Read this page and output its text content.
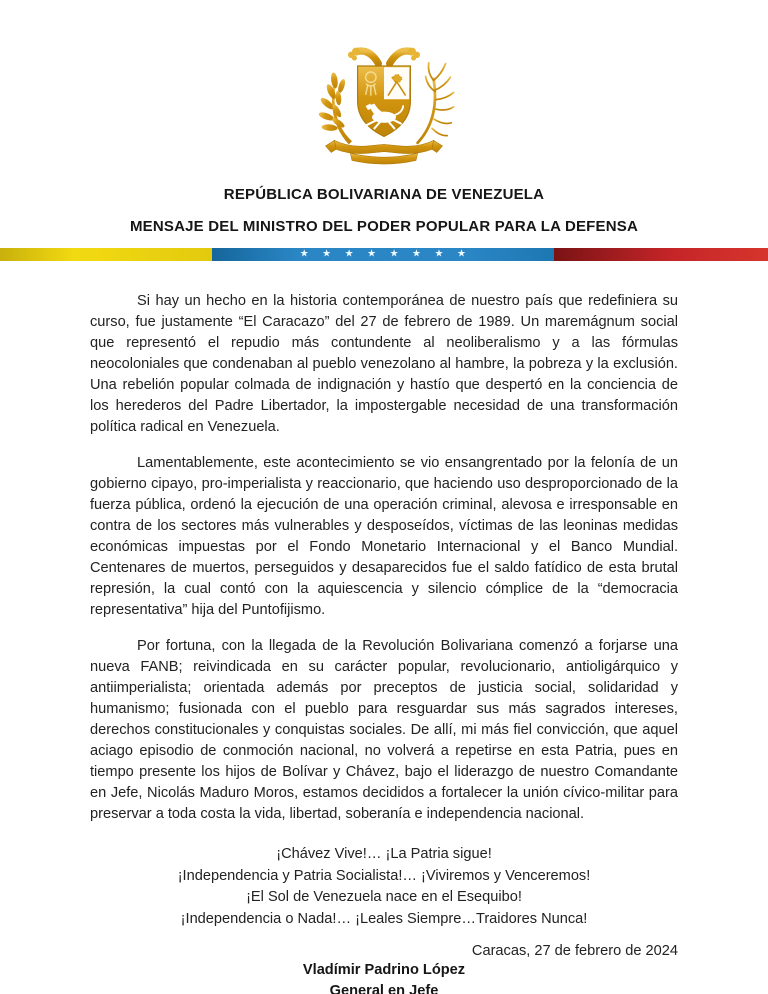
REPÚBLICA BOLIVARIANA DE VENEZUELA
MENSAJE DEL MINISTRO DEL PODER POPULAR PARA LA DEFENSA
★ ★ ★ ★ ★ ★ ★ ★

Si hay un hecho en la historia contemporánea de nuestro país que redefiniera su curso, fue justamente “El Caracazo” del 27 de febrero de 1989. Un maremágnum social que representó el repudio más contundente al neoliberalismo y a las fórmulas neocoloniales que condenaban al pueblo venezolano al hambre, la pobreza y la exclusión. Una rebelión popular colmada de indignación y hastío que despertó en la conciencia de los herederos del Padre Libertador, la impostergable necesidad de una transformación política radical en Venezuela.

Lamentablemente, este acontecimiento se vio ensangrentado por la felonía de un gobierno cipayo, pro-imperialista y reaccionario, que haciendo uso desproporcionado de la fuerza pública, ordenó la ejecución de una operación criminal, alevosa e irresponsable en contra de los sectores más vulnerables y desposeídos, víctimas de las leoninas medidas económicas impuestas por el Fondo Monetario Internacional y el Banco Mundial. Centenares de muertos, perseguidos y desaparecidos fue el saldo fatídico de esta brutal represión, la cual contó con la aquiescencia y silencio cómplice de la “democracia representativa” hija del Puntofijismo.

Por fortuna, con la llegada de la Revolución Bolivariana comenzó a forjarse una nueva FANB; reivindicada en su carácter popular, revolucionario, antioligárquico y antiimperialista; orientada además por preceptos de justicia social, solidaridad y humanismo; fusionada con el pueblo para resguardar sus más sagrados intereses, derechos constitucionales y conquistas sociales. De allí, mi más fiel convicción, que aquel aciago episodio de conmoción nacional, no volverá a repetirse en esta Patria, pues en tiempo presente los hijos de Bolívar y Chávez, bajo el liderazgo de nuestro Comandante en Jefe, Nicolás Maduro Moros, estamos decididos a fortalecer la unión cívico-militar para preservar a toda costa la vida, libertad, soberanía e independencia nacional.

¡Chávez Vive!… ¡La Patria sigue!
¡Independencia y Patria Socialista!… ¡Viviremos y Venceremos!
¡El Sol de Venezuela nace en el Esequibo!
¡Independencia o Nada!… ¡Leales Siempre…Traidores Nunca!
Caracas, 27 de febrero de 2024
Vladímir Padrino López
General en Jefe
